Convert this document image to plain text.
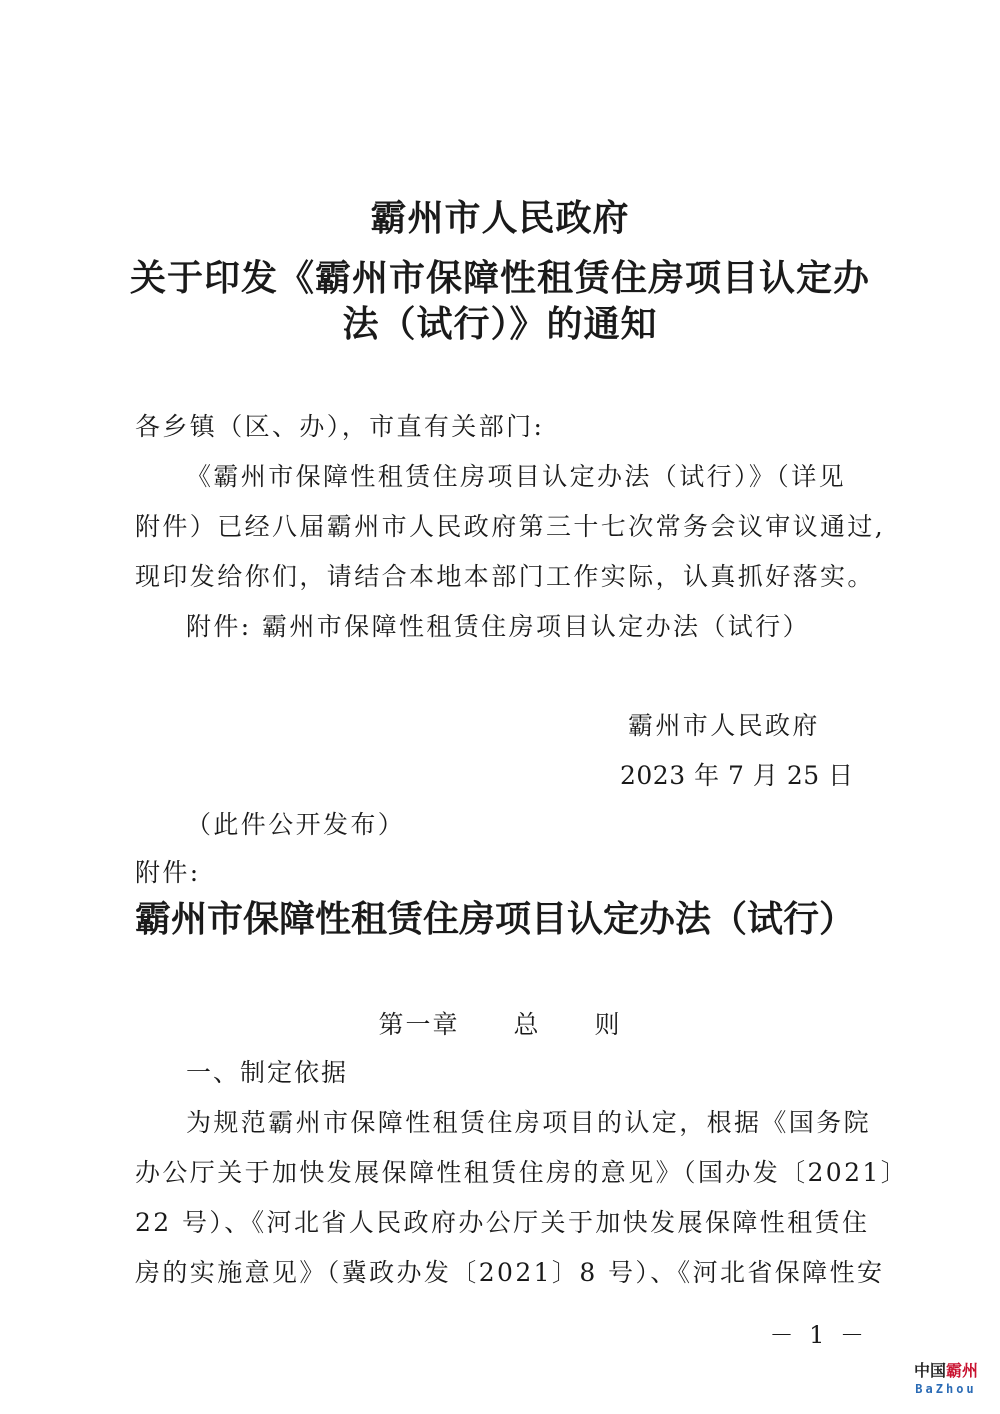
霸州市人民政府
关于印发《霸州市保障性租赁住房项目认定办
法（试行）》的通知
各乡镇（区、办），市直有关部门:
《霸州市保障性租赁住房项目认定办法（试行）》（详见
附件）已经八届霸州市人民政府第三十七次常务会议审议通过,
现印发给你们，请结合本地本部门工作实际，认真抓好落实。
附件: 霸州市保障性租赁住房项目认定办法（试行）
霸州市人民政府
2023 年 7 月 25 日
（此件公开发布）
附件:
霸州市保障性租赁住房项目认定办法（试行）
第一章　　总　　则
一、制定依据
为规范霸州市保障性租赁住房项目的认定，根据《国务院
办公厅关于加快发展保障性租赁住房的意见》（国办发〔2021〕
22 号）、《河北省人民政府办公厅关于加快发展保障性租赁住
房的实施意见》（冀政办发〔2021〕8 号）、《河北省保障性安
－ 1 －
中国霸州
BaZhou
